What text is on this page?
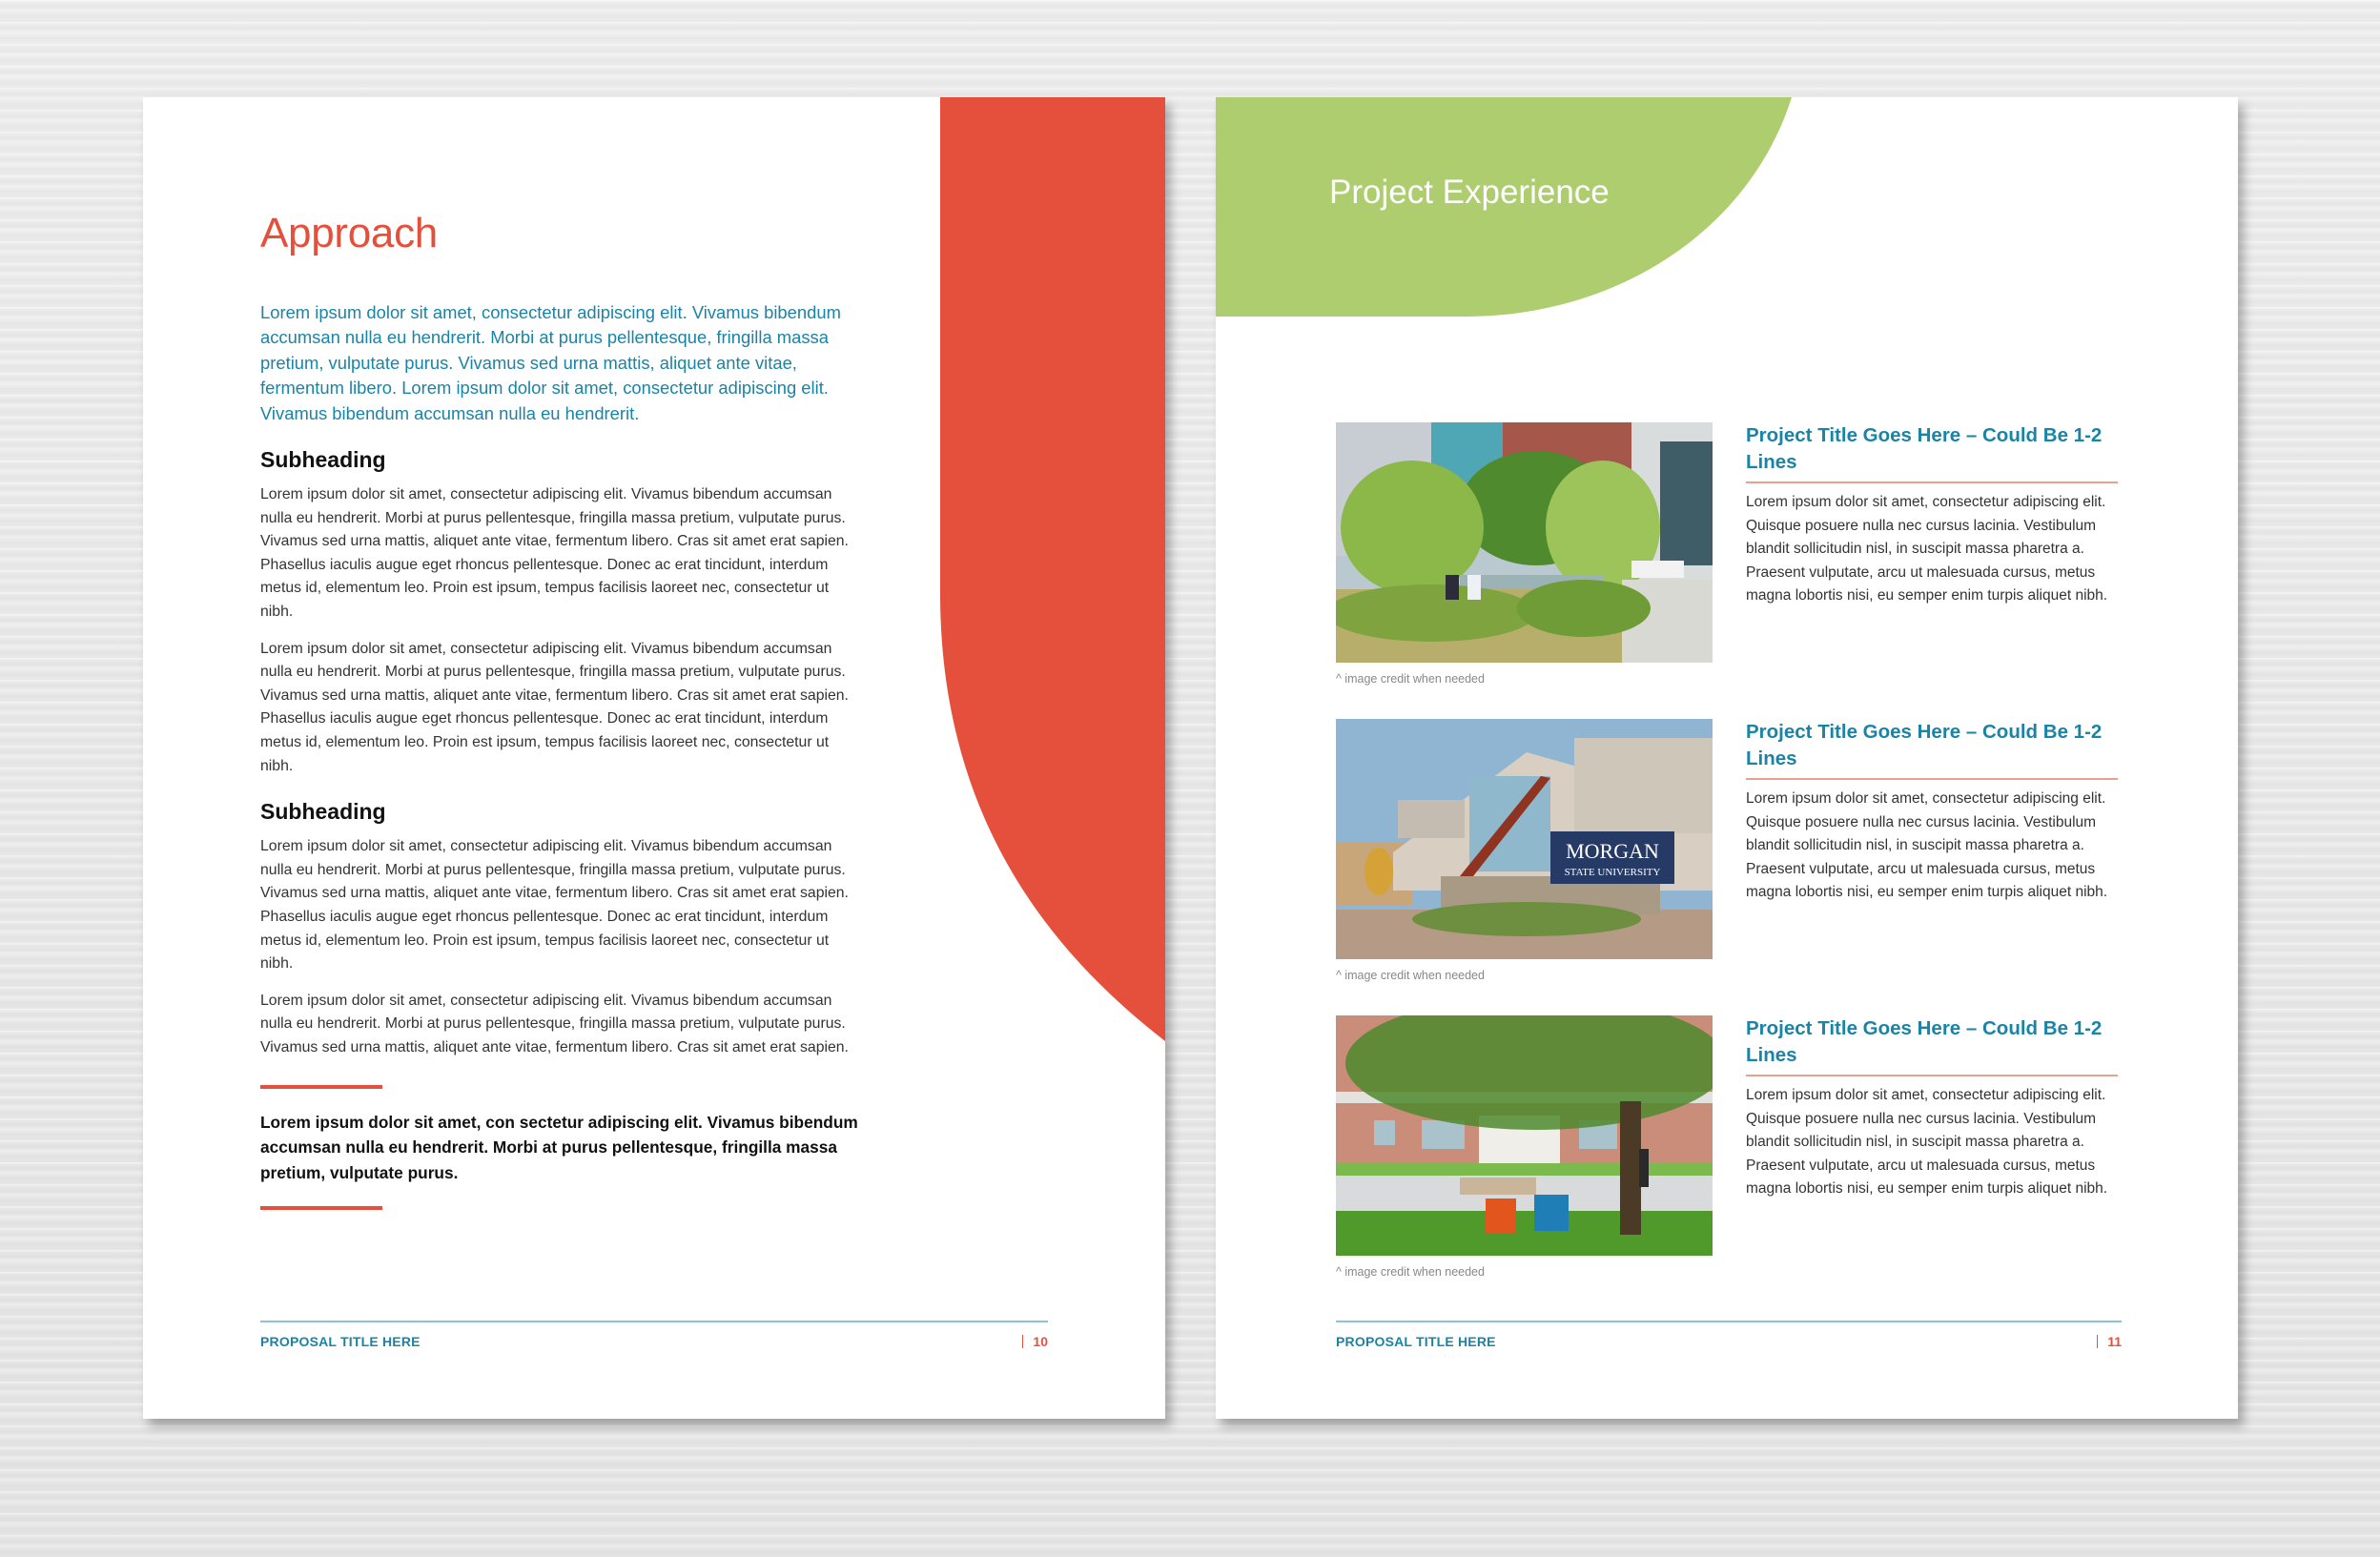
Approach

Lorem ipsum dolor sit amet, consectetur adipiscing elit. Vivamus bibendum accumsan nulla eu hendrerit. Morbi at purus pellentesque, fringilla massa pretium, vulputate purus. Vivamus sed urna mattis, aliquet ante vitae, fermentum libero. Lorem ipsum dolor sit amet, consectetur adipiscing elit. Vivamus bibendum accumsan nulla eu hendrerit.

Subheading

Lorem ipsum dolor sit amet, consectetur adipiscing elit. Vivamus bibendum accumsan nulla eu hendrerit. Morbi at purus pellentesque, fringilla massa pretium, vulputate purus. Vivamus sed urna mattis, aliquet ante vitae, fermentum libero. Cras sit amet erat sapien. Phasellus iaculis augue eget rhoncus pellentesque. Donec ac erat tincidunt, interdum metus id, elementum leo. Proin est ipsum, tempus facilisis laoreet nec, consectetur ut nibh.

Lorem ipsum dolor sit amet, consectetur adipiscing elit. Vivamus bibendum accumsan nulla eu hendrerit. Morbi at purus pellentesque, fringilla massa pretium, vulputate purus. Vivamus sed urna mattis, aliquet ante vitae, fermentum libero. Cras sit amet erat sapien. Phasellus iaculis augue eget rhoncus pellentesque. Donec ac erat tincidunt, interdum metus id, elementum leo. Proin est ipsum, tempus facilisis laoreet nec, consectetur ut nibh.

Subheading

Lorem ipsum dolor sit amet, consectetur adipiscing elit. Vivamus bibendum accumsan nulla eu hendrerit. Morbi at purus pellentesque, fringilla massa pretium, vulputate purus. Vivamus sed urna mattis, aliquet ante vitae, fermentum libero. Cras sit amet erat sapien. Phasellus iaculis augue eget rhoncus pellentesque. Donec ac erat tincidunt, interdum metus id, elementum leo. Proin est ipsum, tempus facilisis laoreet nec, consectetur ut nibh.

Lorem ipsum dolor sit amet, consectetur adipiscing elit. Vivamus bibendum accumsan nulla eu hendrerit. Morbi at purus pellentesque, fringilla massa pretium, vulputate purus. Vivamus sed urna mattis, aliquet ante vitae, fermentum libero. Cras sit amet erat sapien.

Lorem ipsum dolor sit amet, con sectetur adipiscing elit. Vivamus bibendum accumsan nulla eu hendrerit. Morbi at purus pellentesque, fringilla massa pretium, vulputate purus.

PROPOSAL TITLE HERE	10
Project Experience
^ image credit when needed
Project Title Goes Here – Could Be 1-2 Lines

Lorem ipsum dolor sit amet, consectetur adipiscing elit. Quisque posuere nulla nec cursus lacinia. Vestibulum blandit sollicitudin nisl, in suscipit massa pharetra a. Praesent vulputate, arcu ut malesuada cursus, metus magna lobortis nisi, eu semper enim turpis aliquet nibh.

MORGAN
STATE UNIVERSITY
^ image credit when needed
Project Title Goes Here – Could Be 1-2 Lines

Lorem ipsum dolor sit amet, consectetur adipiscing elit. Quisque posuere nulla nec cursus lacinia. Vestibulum blandit sollicitudin nisl, in suscipit massa pharetra a. Praesent vulputate, arcu ut malesuada cursus, metus magna lobortis nisi, eu semper enim turpis aliquet nibh.

^ image credit when needed
Project Title Goes Here – Could Be 1-2 Lines

Lorem ipsum dolor sit amet, consectetur adipiscing elit. Quisque posuere nulla nec cursus lacinia. Vestibulum blandit sollicitudin nisl, in suscipit massa pharetra a. Praesent vulputate, arcu ut malesuada cursus, metus magna lobortis nisi, eu semper enim turpis aliquet nibh.

PROPOSAL TITLE HERE	11
